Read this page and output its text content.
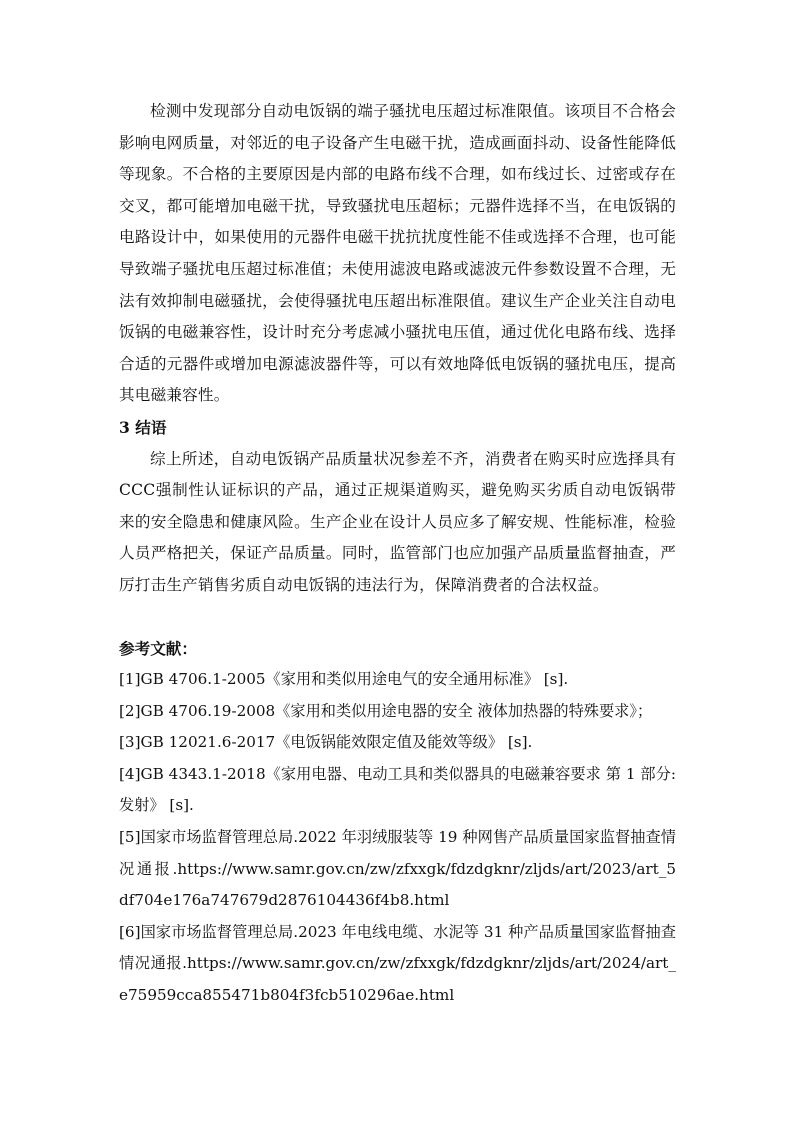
检测中发现部分自动电饭锅的端子骚扰电压超过标准限值。该项目不合格会影响电网质量，对邻近的电子设备产生电磁干扰，造成画面抖动、设备性能降低等现象。不合格的主要原因是内部的电路布线不合理，如布线过长、过密或存在交叉，都可能增加电磁干扰，导致骚扰电压超标；元器件选择不当，在电饭锅的电路设计中，如果使用的元器件电磁干扰抗扰度性能不佳或选择不合理，也可能导致端子骚扰电压超过标准值；未使用滤波电路或滤波元件参数设置不合理，无法有效抑制电磁骚扰，会使得骚扰电压超出标准限值。建议生产企业关注自动电饭锅的电磁兼容性，设计时充分考虑减小骚扰电压值，通过优化电路布线、选择合适的元器件或增加电源滤波器件等，可以有效地降低电饭锅的骚扰电压，提高其电磁兼容性。

3 结语

综上所述，自动电饭锅产品质量状况参差不齐，消费者在购买时应选择具有CCC强制性认证标识的产品，通过正规渠道购买，避免购买劣质自动电饭锅带来的安全隐患和健康风险。生产企业在设计人员应多了解安规、性能标准，检验人员严格把关，保证产品质量。同时，监管部门也应加强产品质量监督抽查，严厉打击生产销售劣质自动电饭锅的违法行为，保障消费者的合法权益。

参考文献：

[1]GB 4706.1-2005《家用和类似用途电气的安全通用标准》 [s].

[2]GB 4706.19-2008《家用和类似用途电器的安全 液体加热器的特殊要求》；

[3]GB 12021.6-2017《电饭锅能效限定值及能效等级》 [s].

[4]GB 4343.1-2018《家用电器、电动工具和类似器具的电磁兼容要求 第 1 部分:发射》 [s].

[5]国家市场监督管理总局.2022 年羽绒服装等 19 种网售产品质量国家监督抽查情况通报.https://www.samr.gov.cn/zw/zfxxgk/fdzdgknr/zljds/art/2023/art_5df704e176a747679d2876104436f4b8.html

[6]国家市场监督管理总局.2023 年电线电缆、水泥等 31 种产品质量国家监督抽查情况通报.https://www.samr.gov.cn/zw/zfxxgk/fdzdgknr/zljds/art/2024/art_e75959cca855471b804f3fcb510296ae.html
